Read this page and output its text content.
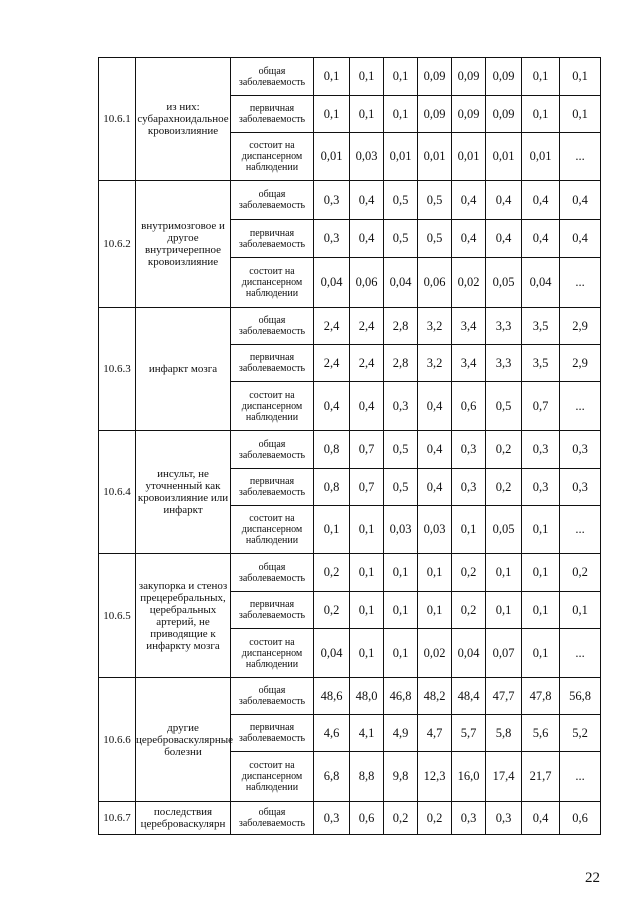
10.6.1	из них: субарахноидальное кровоизлияние	общая заболеваемость	0,1	0,1	0,1	0,09	0,09	0,09	0,1	0,1
		первичная заболеваемость	0,1	0,1	0,1	0,09	0,09	0,09	0,1	0,1
		состоит на диспансерном наблюдении	0,01	0,03	0,01	0,01	0,01	0,01	0,01	...
10.6.2	внутримозговое и другое внутричерепное кровоизлияние	общая заболеваемость	0,3	0,4	0,5	0,5	0,4	0,4	0,4	0,4
		первичная заболеваемость	0,3	0,4	0,5	0,5	0,4	0,4	0,4	0,4
		состоит на диспансерном наблюдении	0,04	0,06	0,04	0,06	0,02	0,05	0,04	...
10.6.3	инфаркт мозга	общая заболеваемость	2,4	2,4	2,8	3,2	3,4	3,3	3,5	2,9
		первичная заболеваемость	2,4	2,4	2,8	3,2	3,4	3,3	3,5	2,9
		состоит на диспансерном наблюдении	0,4	0,4	0,3	0,4	0,6	0,5	0,7	...
10.6.4	инсульт, не уточненный как кровоизлияние или инфаркт	общая заболеваемость	0,8	0,7	0,5	0,4	0,3	0,2	0,3	0,3
		первичная заболеваемость	0,8	0,7	0,5	0,4	0,3	0,2	0,3	0,3
		состоит на диспансерном наблюдении	0,1	0,1	0,03	0,03	0,1	0,05	0,1	...
10.6.5	закупорка и стеноз прецеребральных, церебральных артерий, не приводящие к инфаркту мозга	общая заболеваемость	0,2	0,1	0,1	0,1	0,2	0,1	0,1	0,2
		первичная заболеваемость	0,2	0,1	0,1	0,1	0,2	0,1	0,1	0,1
		состоит на диспансерном наблюдении	0,04	0,1	0,1	0,02	0,04	0,07	0,1	...
10.6.6	другие цереброваскулярные болезни	общая заболеваемость	48,6	48,0	46,8	48,2	48,4	47,7	47,8	56,8
		первичная заболеваемость	4,6	4,1	4,9	4,7	5,7	5,8	5,6	5,2
		состоит на диспансерном наблюдении	6,8	8,8	9,8	12,3	16,0	17,4	21,7	...
10.6.7	последствия цереброваскулярн	общая заболеваемость	0,3	0,6	0,2	0,2	0,3	0,3	0,4	0,6
22
